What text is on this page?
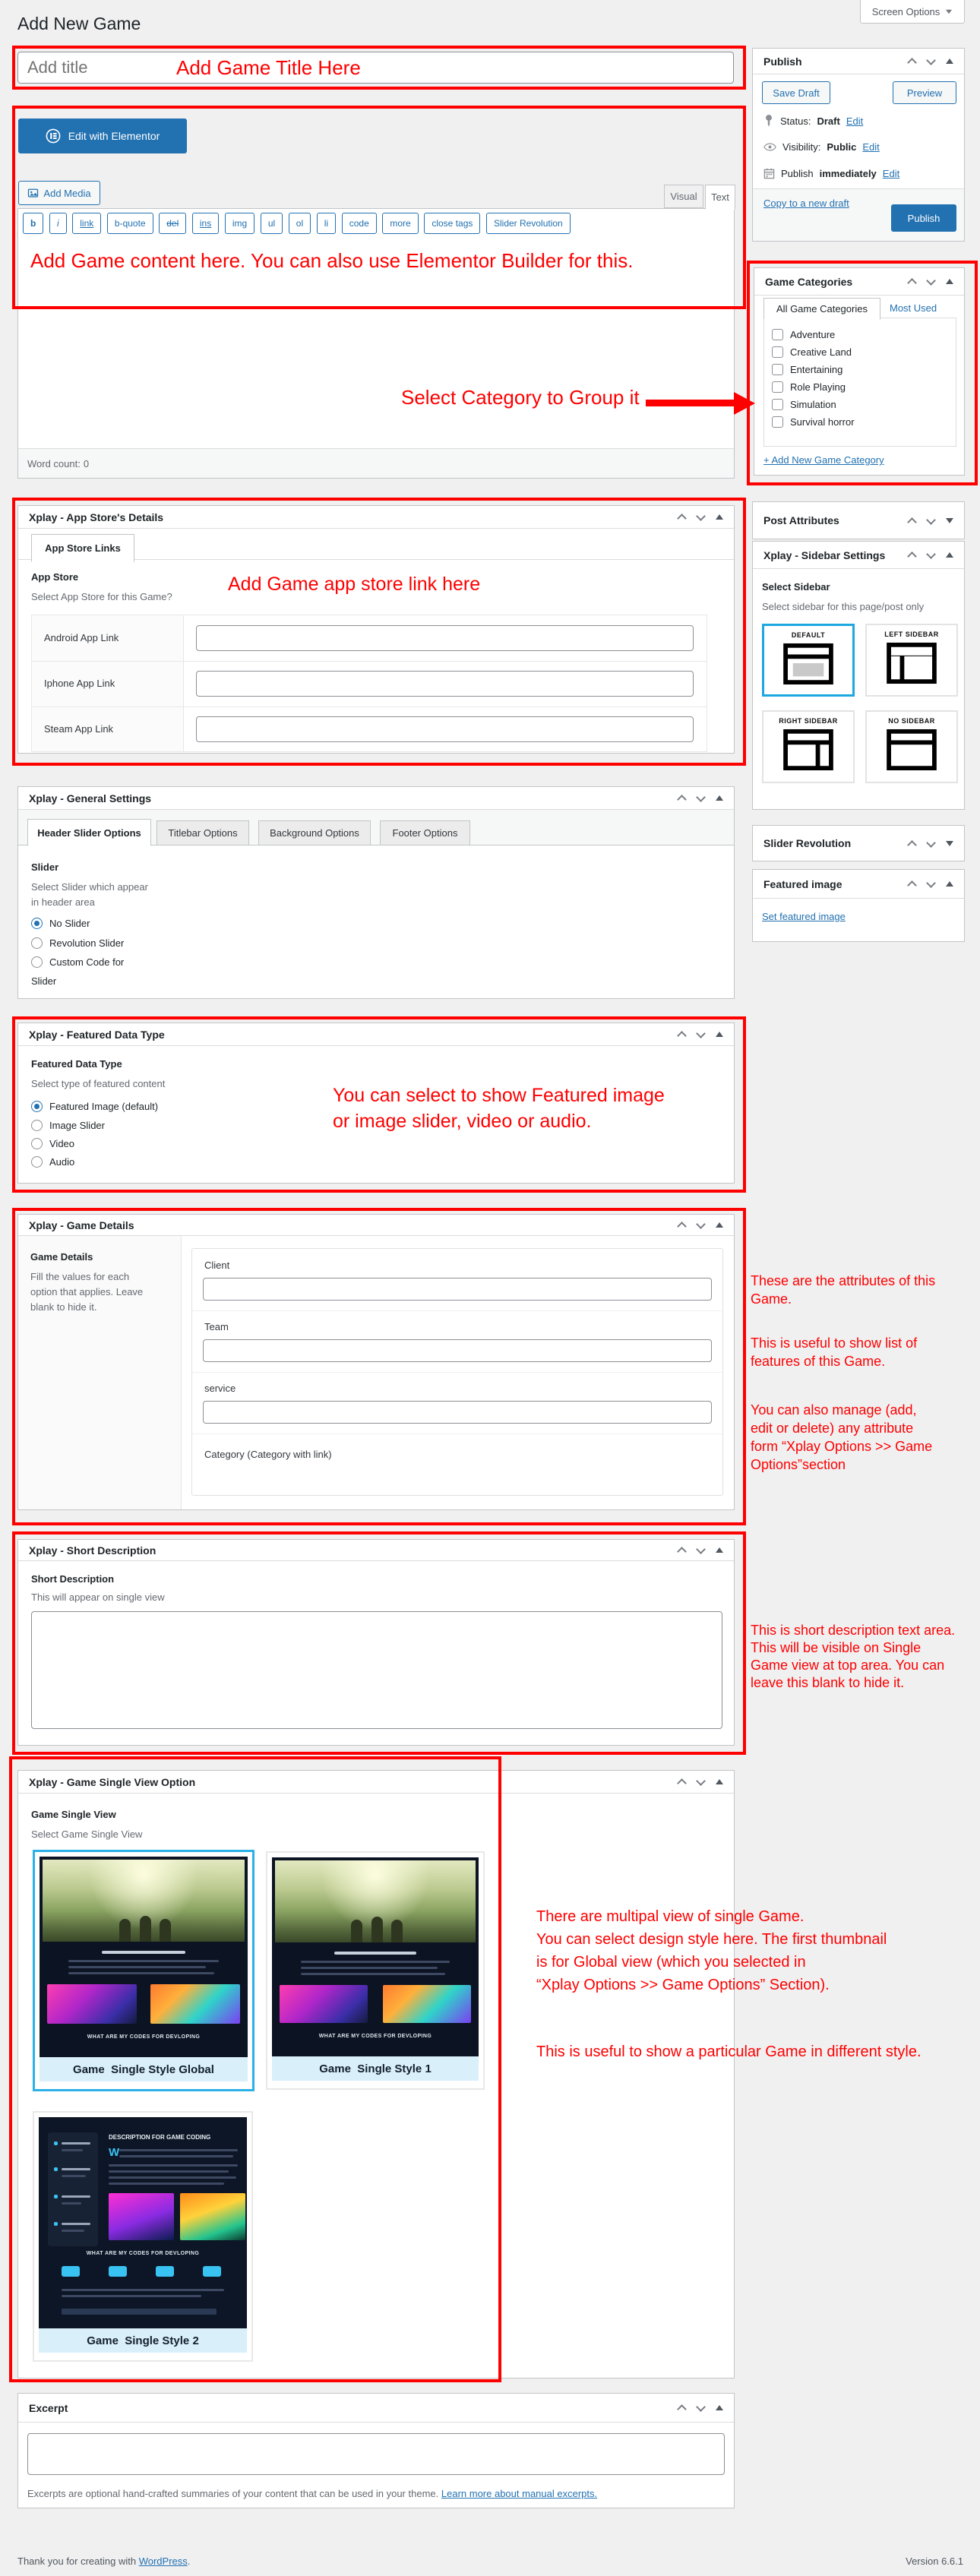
Add New Game
Screen Options
Add title
Add Game Title Here
Edit with Elementor
Add Media	Visual	Text
b i link b-quote del ins img ul ol li code more close tags Slider Revolution
Word count: 0
Add Game content here. You can also use Elementor Builder for this.
Select Category to Group it
Publish
Save Draft	Preview
Status: Draft Edit
Visibility: Public Edit
Publish immediately Edit
Copy to a new draft
Publish
Game Categories
All Game Categories	Most Used
Adventure
Creative Land
Entertaining
Role Playing
Simulation
Survival horror
+ Add New Game Category
Post Attributes
Xplay - Sidebar Settings
Select Sidebar
Select sidebar for this page/post only
DEFAULT	LEFT SIDEBAR
RIGHT SIDEBAR	NO SIDEBAR
Slider Revolution
Featured image
Set featured image
Xplay - App Store's Details
App Store Links
App Store
Select App Store for this Game?
Android App Link
Iphone App Link
Steam App Link
Add Game app store link here
Xplay - General Settings
Header Slider Options	Titlebar Options	Background Options	Footer Options
Slider
Select Slider which appear
in header area
No Slider
Revolution Slider
Custom Code for
Slider
Xplay - Featured Data Type
Featured Data Type
Select type of featured content
Featured Image (default)
Image Slider
Video
Audio
You can select to show Featured image
or image slider, video or audio.
Xplay - Game Details
Game Details
Fill the values for each
option that applies. Leave
blank to hide it.
Client
Team
service
Category (Category with link)
These are the attributes of this
Game.
This is useful to show list of
features of this Game.
You can also manage (add,
edit or delete) any attribute
form “Xplay Options >> Game
Options”section
Xplay - Short Description
Short Description
This will appear on single view
This is short description text area.
This will be visible on Single
Game view at top area. You can
leave this blank to hide it.
Xplay - Game Single View Option
Game Single View
Select Game Single View
WHAT ARE MY CODES FOR DEVLOPING
Game  Single Style Global
WHAT ARE MY CODES FOR DEVLOPING
Game  Single Style 1
DESCRIPTION FOR GAME CODING
W
WHAT ARE MY CODES FOR DEVLOPING
Game  Single Style 2
There are multipal view of single Game.
You can select design style here. The first thumbnail
is for Global view (which you selected in
“Xplay Options >> Game Options” Section).
This is useful to show a particular Game in different style.
Excerpt
Excerpts are optional hand-crafted summaries of your content that can be used in your theme. Learn more about manual excerpts.
Thank you for creating with WordPress.	Version 6.6.1
